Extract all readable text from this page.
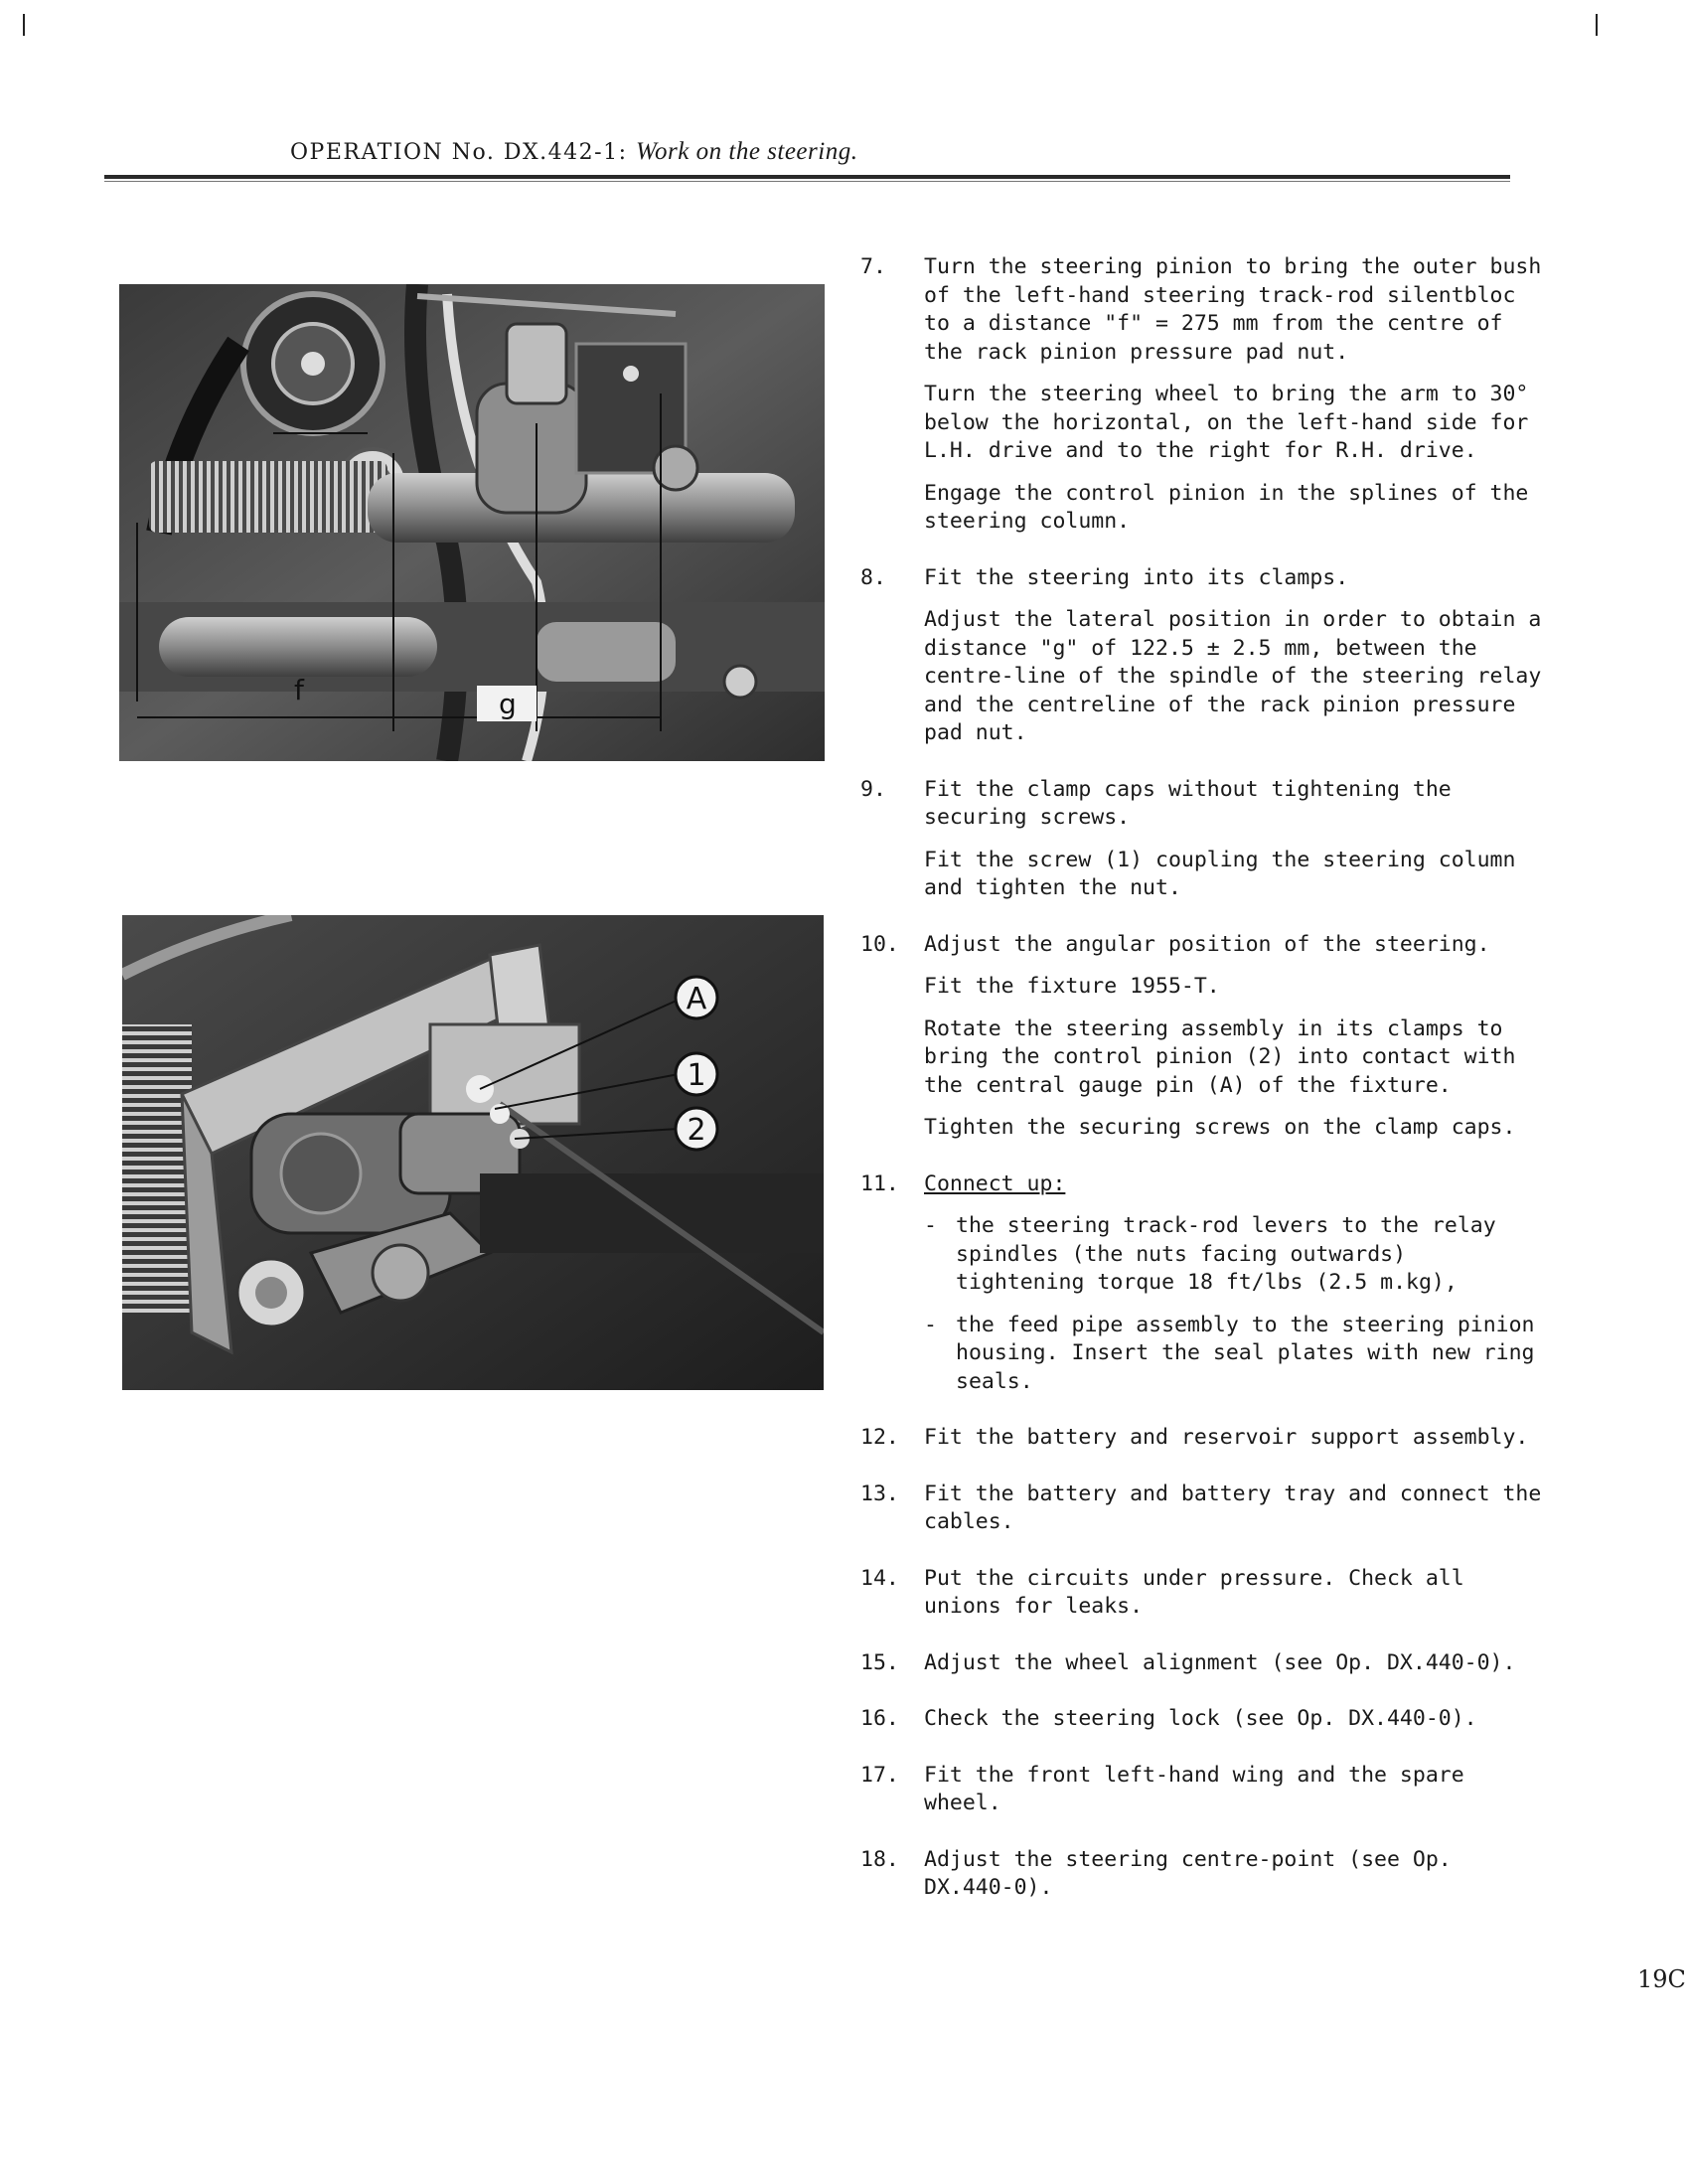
OPERATION No. DX.442-1: Work on the steering.
f	g
A
1
2
7.	Turn the steering pinion to bring the outer bush of the left-hand steering track-rod silentbloc to a distance "f" = 275 mm from the centre of the rack pinion pressure pad nut.

Turn the steering wheel to bring the arm to 30° below the horizontal, on the left-hand side for L.H. drive and to the right for R.H. drive.

Engage the control pinion in the splines of the steering column.

8.	Fit the steering into its clamps.

Adjust the lateral position in order to obtain a distance "g" of 122.5 ± 2.5 mm, between the centre-line of the spindle of the steering relay and the centreline of the rack pinion pressure pad nut.

9.	Fit the clamp caps without tightening the securing screws.

Fit the screw (1) coupling the steering column and tighten the nut.

10.	Adjust the angular position of the steering.

Fit the fixture 1955-T.

Rotate the steering assembly in its clamps to bring the control pinion (2) into contact with the central gauge pin (A) of the fixture.

Tighten the securing screws on the clamp caps.

11.	Connect up:

- the steering track-rod levers to the relay spindles (the nuts facing outwards) tightening torque 18 ft/lbs (2.5 m.kg),
- the feed pipe assembly to the steering pinion housing. Insert the seal plates with new ring seals.
12.	Fit the battery and reservoir support assembly.

13.	Fit the battery and battery tray and connect the cables.

14.	Put the circuits under pressure. Check all unions for leaks.

15.	Adjust the wheel alignment (see Op. DX.440-0).

16.	Check the steering lock (see Op. DX.440-0).

17.	Fit the front left-hand wing and the spare wheel.

18.	Adjust the steering centre-point (see Op. DX.440-0).

19C
